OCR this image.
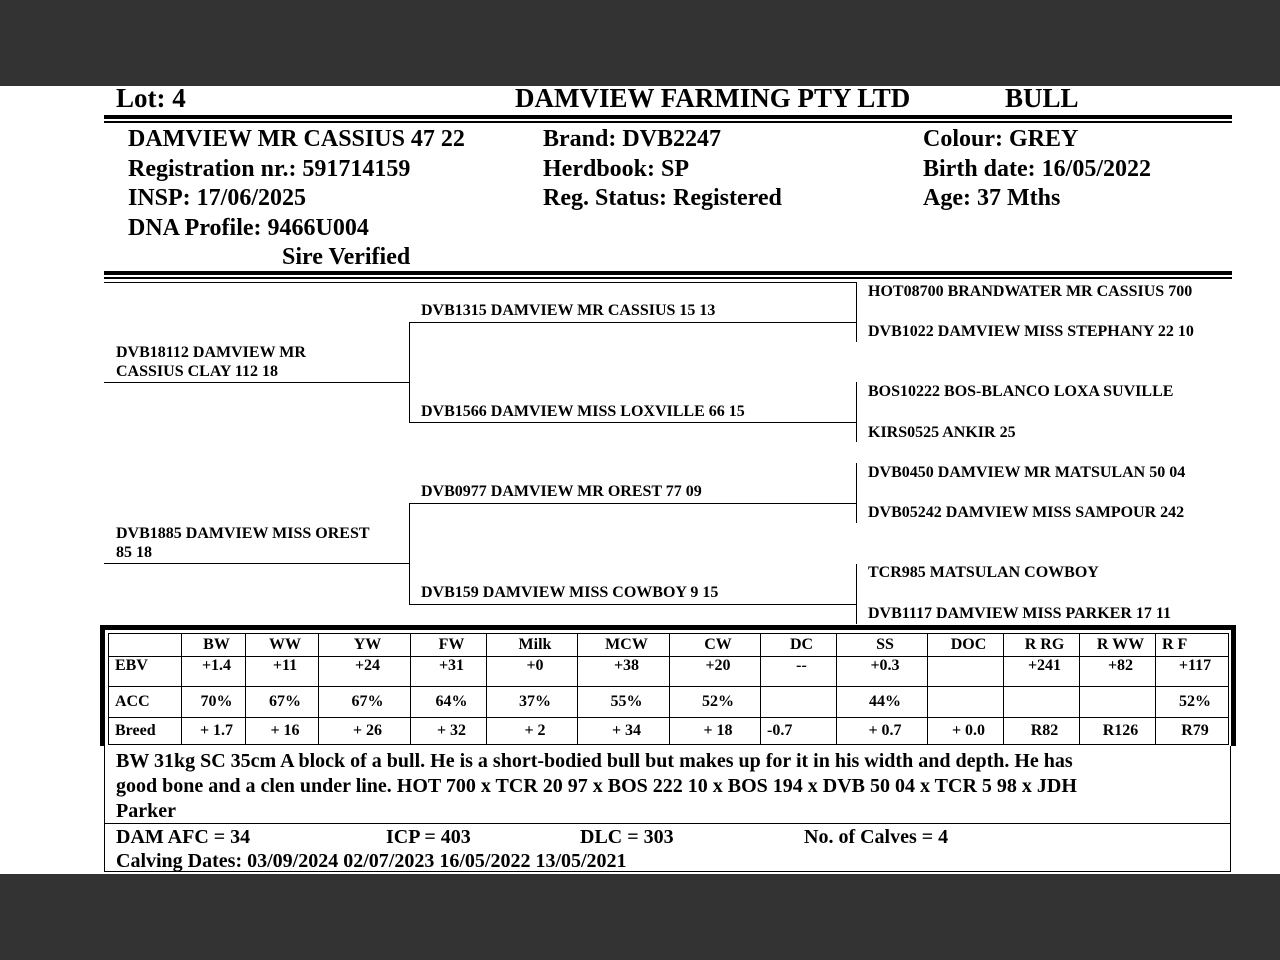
Lot: 4	DAMVIEW FARMING PTY LTD	BULL
DAMVIEW MR CASSIUS 47 22
Registration nr.: 591714159
INSP: 17/06/2025
DNA Profile: 9466U004
Sire Verified
Brand: DVB2247
Herdbook: SP
Reg. Status: Registered
Colour: GREY
Birth date: 16/05/2022
Age: 37 Mths
DVB18112 DAMVIEW MR
CASSIUS CLAY 112 18
DVB1885 DAMVIEW MISS OREST
85 18
DVB1315 DAMVIEW MR CASSIUS 15 13
DVB1566 DAMVIEW MISS LOXVILLE 66 15
DVB0977 DAMVIEW MR OREST 77 09
DVB159 DAMVIEW MISS COWBOY 9 15
HOT08700 BRANDWATER MR CASSIUS 700
DVB1022 DAMVIEW MISS STEPHANY 22 10
BOS10222 BOS-BLANCO LOXA SUVILLE
KIRS0525 ANKIR 25
DVB0450 DAMVIEW MR MATSULAN 50 04
DVB05242 DAMVIEW MISS SAMPOUR 242
TCR985 MATSULAN COWBOY
DVB1117 DAMVIEW MISS PARKER 17 11
	BW	WW	YW	FW	Milk	MCW	CW	DC	SS	DOC	R RG	R WW	R F
EBV	+1.4	+11	+24	+31	+0	+38	+20	--	+0.3		+241	+82	+117
ACC	70%	67%	67%	64%	37%	55%	52%		44%				52%
Breed	+ 1.7	+ 16	+ 26	+ 32	+ 2	+ 34	+ 18	-0.7	+ 0.7	+ 0.0	R82	R126	R79
BW 31kg SC 35cm A block of a bull. He is a short-bodied bull but makes up for it in his width and depth. He has
good bone and a clen under line. HOT 700 x TCR 20 97 x BOS 222 10 x BOS 194 x DVB 50 04 x TCR 5 98 x JDH
Parker
DAM AFC = 34	ICP = 403	DLC = 303	No. of Calves = 4
Calving Dates: 03/09/2024 02/07/2023 16/05/2022 13/05/2021
